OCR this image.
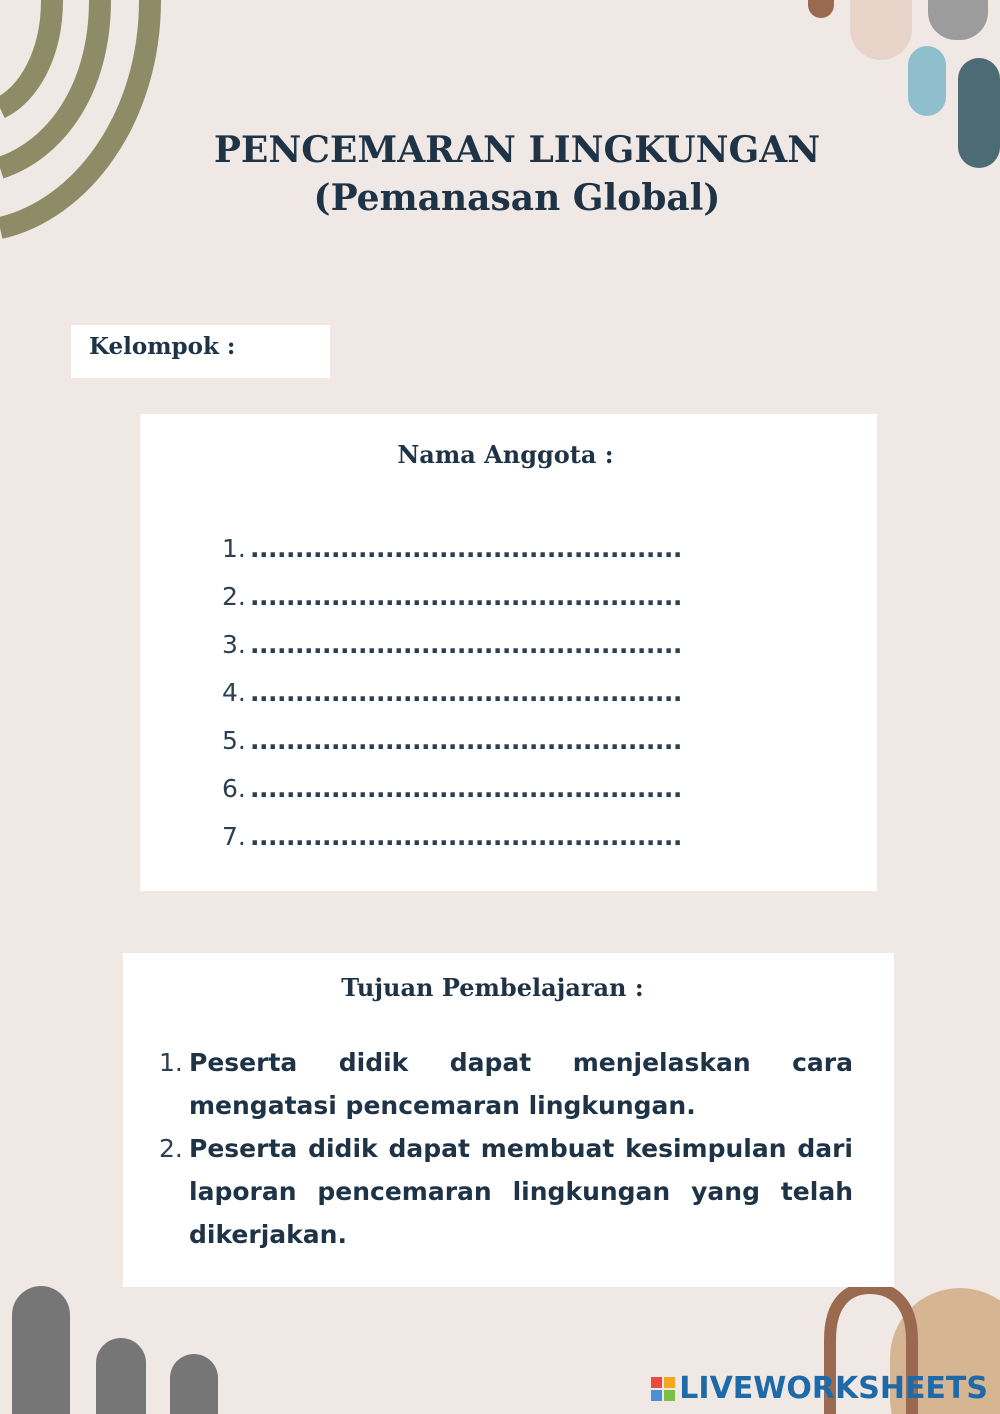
PENCEMARAN LINGKUNGAN
(Pemanasan Global)
Kelompok :
Nama Anggota :
1. ................................................
2. ................................................
3. ................................................
4. ................................................
5. ................................................
6. ................................................
7. ................................................
Tujuan Pembelajaran :
1. Peserta didik dapat menjelaskan cara mengatasi pencemaran lingkungan.
2. Peserta didik dapat membuat kesimpulan dari laporan pencemaran lingkungan yang telah dikerjakan.
LIVEWORKSHEETS
